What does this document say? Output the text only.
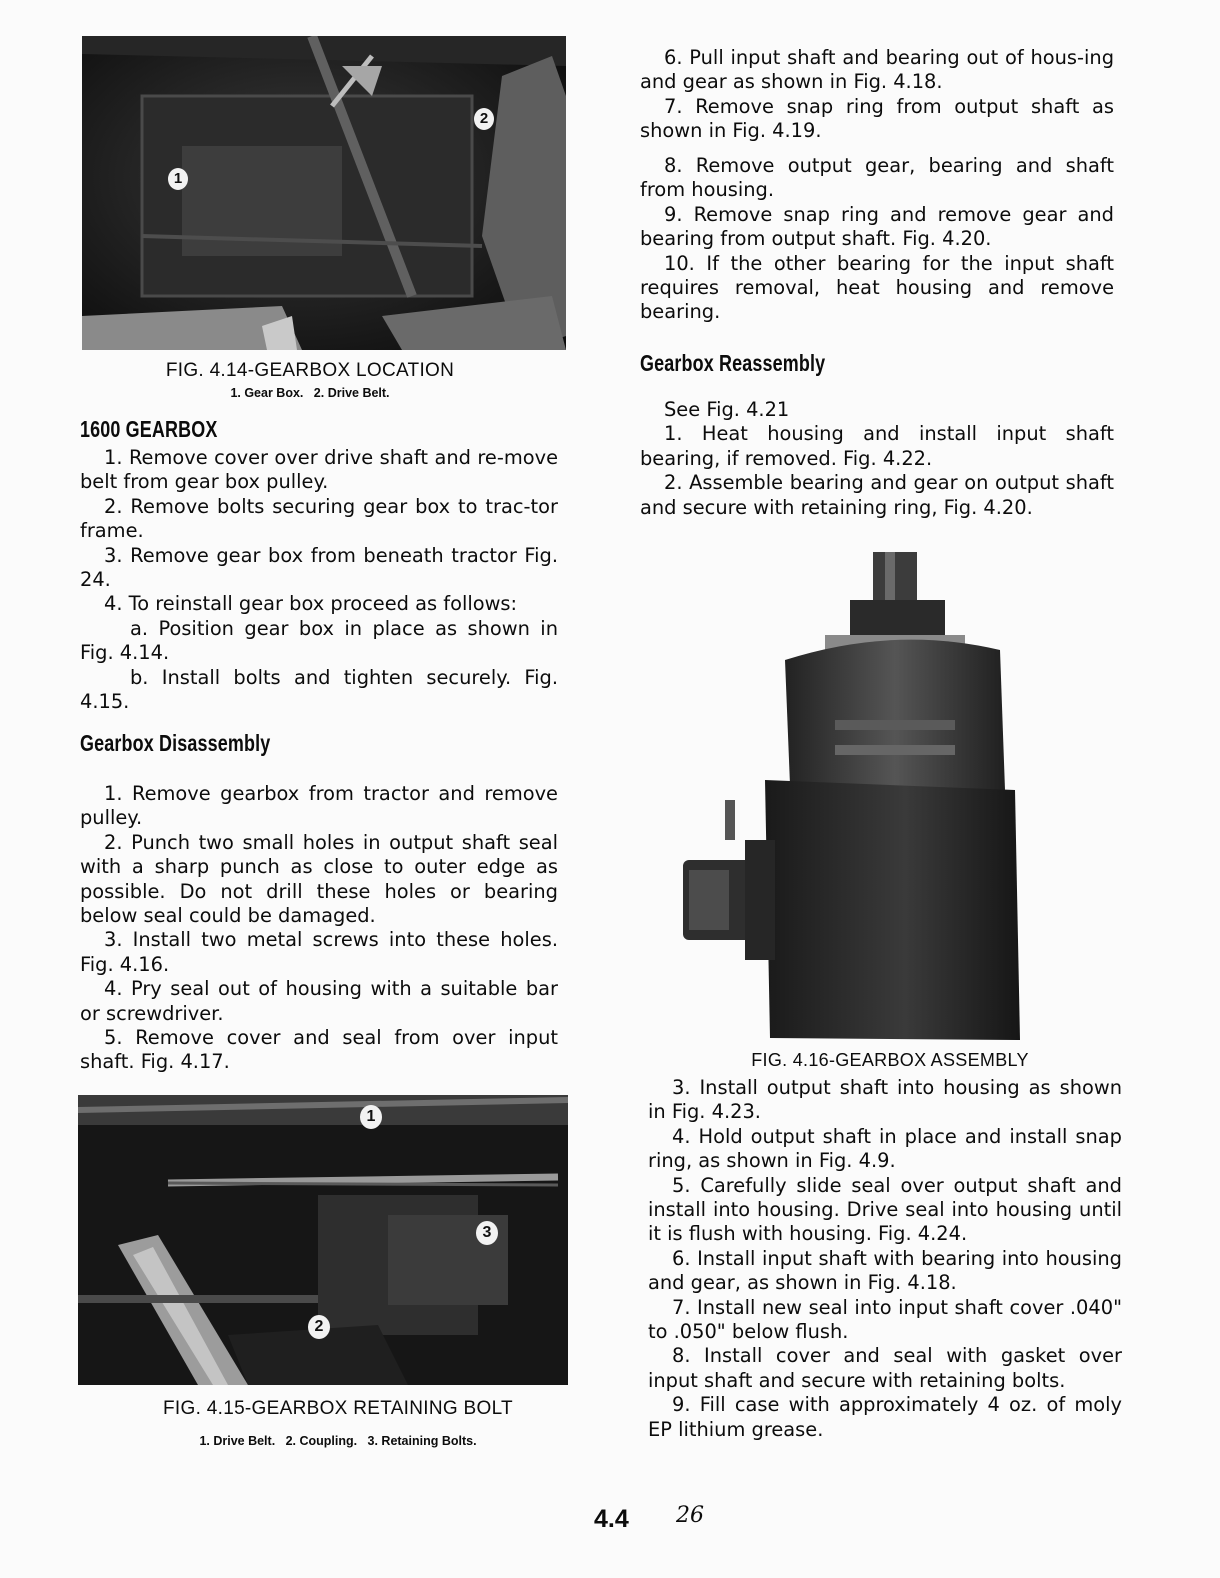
1
2
FIG. 4.14-GEARBOX LOCATION
1. Gear Box.   2. Drive Belt.
1600 GEARBOX

1. Remove cover over drive shaft and re-move belt from gear box pulley.

2. Remove bolts securing gear box to trac-tor frame.

3. Remove gear box from beneath tractor Fig. 24.

4. To reinstall gear box proceed as follows:

a. Position gear box in place as shown in Fig. 4.14.

b. Install bolts and tighten securely. Fig. 4.15.

Gearbox Disassembly

1. Remove gearbox from tractor and remove pulley.

2. Punch two small holes in output shaft seal with a sharp punch as close to outer edge as possible. Do not drill these holes or bearing below seal could be damaged.

3. Install two metal screws into these holes. Fig. 4.16.

4. Pry seal out of housing with a suitable bar or screwdriver.

5. Remove cover and seal from over input shaft. Fig. 4.17.

1
3
2
FIG. 4.15-GEARBOX RETAINING BOLT
1. Drive Belt.   2. Coupling.   3. Retaining Bolts.

6. Pull input shaft and bearing out of hous-ing and gear as shown in Fig. 4.18.

7. Remove snap ring from output shaft as shown in Fig. 4.19.

8. Remove output gear, bearing and shaft from housing.

9. Remove snap ring and remove gear and bearing from output shaft. Fig. 4.20.

10. If the other bearing for the input shaft requires removal, heat housing and remove bearing.

Gearbox Reassembly

See Fig. 4.21

1. Heat housing and install input shaft bearing, if removed. Fig. 4.22.

2. Assemble bearing and gear on output shaft and secure with retaining ring, Fig. 4.20.

FIG. 4.16-GEARBOX ASSEMBLY

3. Install output shaft into housing as shown in Fig. 4.23.

4. Hold output shaft in place and install snap ring, as shown in Fig. 4.9.

5. Carefully slide seal over output shaft and install into housing. Drive seal into housing until it is flush with housing. Fig. 4.24.

6. Install input shaft with bearing into housing and gear, as shown in Fig. 4.18.

7. Install new seal into input shaft cover .040" to .050" below flush.

8. Install cover and seal with gasket over input shaft and secure with retaining bolts.

9. Fill case with approximately 4 oz. of moly EP lithium grease.

4.4 26
